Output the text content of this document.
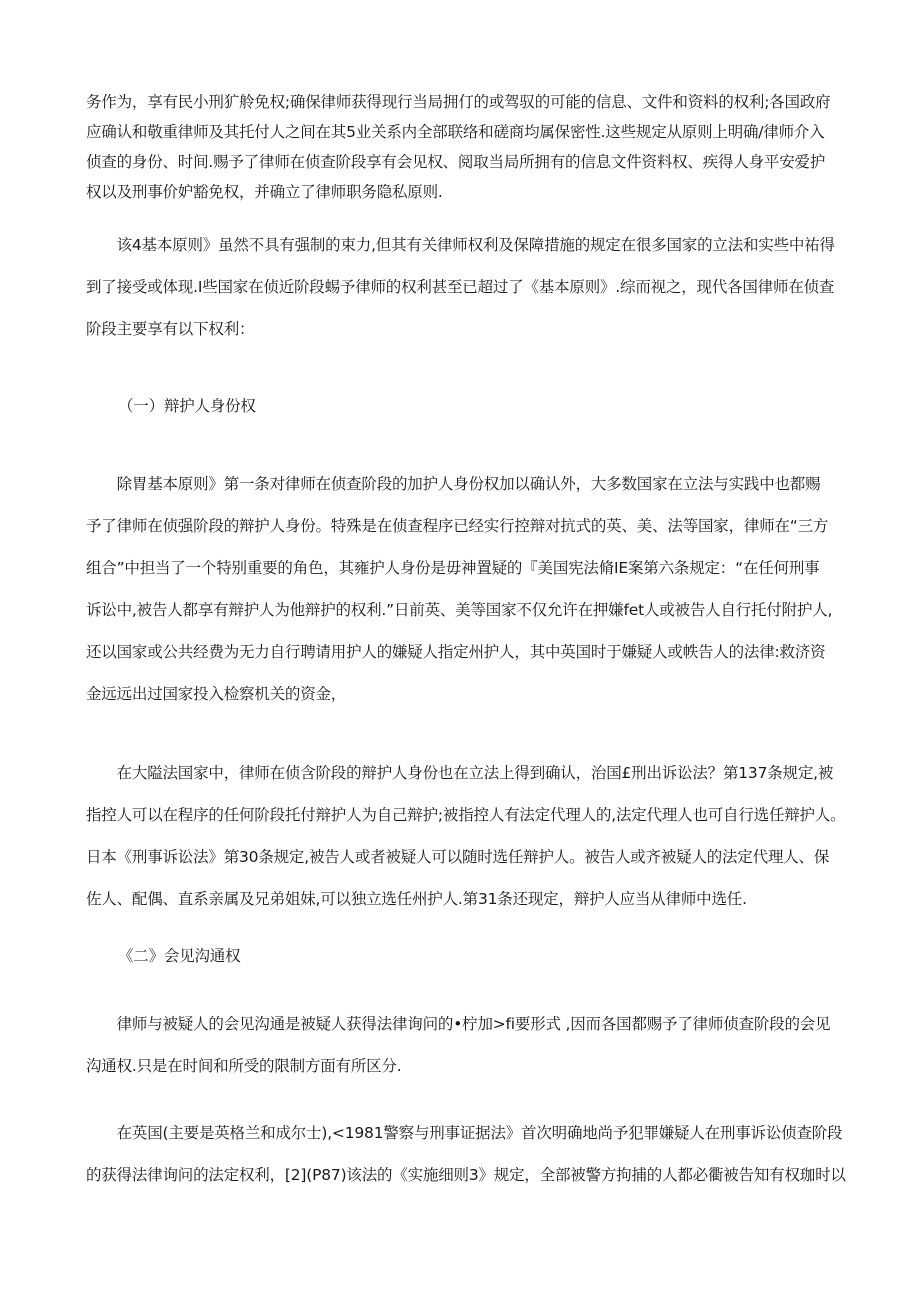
务作为，享有民小刑犷舲免权;确保律师获得现行当局拥仃的或驾驭的可能的信息、文件和资料的权利;各国政府
应确认和敬重律师及其托付人之间在其5业关系内全部联络和磋商均属保密性.这些规定从原则上明确/律师介入
侦查的身份、时间.赐予了律师在侦查阶段享有会见权、阅取当局所拥有的信息文件资料权、疾得人身平安爱护
权以及刑事价妒豁免权，并确立了律师职务隐私原则.
　　该4基本原则》虽然不具有强制的束力,但其有关律师权利及保障措施的规定在很多国家的立法和实些中祐得
到了接受或体现.I些国家在侦近阶段蜴予律师的权利甚至已超过了《基本原则》.综而视之，现代各国律师在侦查
阶段主要享有以下权利：
（一）辩护人身份权
　　除胃基本原则》第一条对律师在侦查阶段的加护人身份权加以确认外，大多数国家在立法与实践中也都赐
予了律师在侦强阶段的辩护人身份。特殊是在侦查程序已经实行控辩对抗式的英、美、法等国家，律师在“三方
组合”中担当了一个特别重要的角色，其雍护人身份是毋神置疑的『美国宪法脩IE案第六条规定：“在任何刑事
诉讼中,被告人都享有辩护人为他辩护的权利.”日前英、美等国家不仅允许在押嫌fet人或被告人自行托付附护人,
还以国家或公共经费为无力自行聘请用护人的嫌疑人指定州护人，其中英国时于嫌疑人或帙告人的法律:救济资
金远远出过国家投入检察机关的资金，
　　在大隘法国家中，律师在侦含阶段的辩护人身份也在立法上得到确认，治国£刑出诉讼法？第137条规定,被
指控人可以在程序的任何阶段托付辩护人为自己辩护;被指控人有法定代理人的,法定代理人也可自行选任辩护人。
日本《刑事诉讼法》第30条规定,被告人或者被疑人可以随时选任辩护人。被告人或齐被疑人的法定代理人、保
佐人、配偶、直系亲属及兄弟姐妹,可以独立选任州护人.第31条还现定，辩护人应当从律师中选任.
《二》会见沟通权
　　律师与被疑人的会见沟通是被疑人获得法律询问的•柠加>fi要形式 ,因而各国都赐予了律师侦查阶段的会见
沟通权.只是在时间和所受的限制方面有所区分.
　　在英国(主要是英格兰和成尔士),<1981警察与刑事证据法》首次明确地尚予犯罪嫌疑人在刑事诉讼侦查阶段
的获得法律询问的法定权利，[2](P87)该法的《实施细则3》规定，全部被警方拘捕的人都必衢被告知有权珈时以
